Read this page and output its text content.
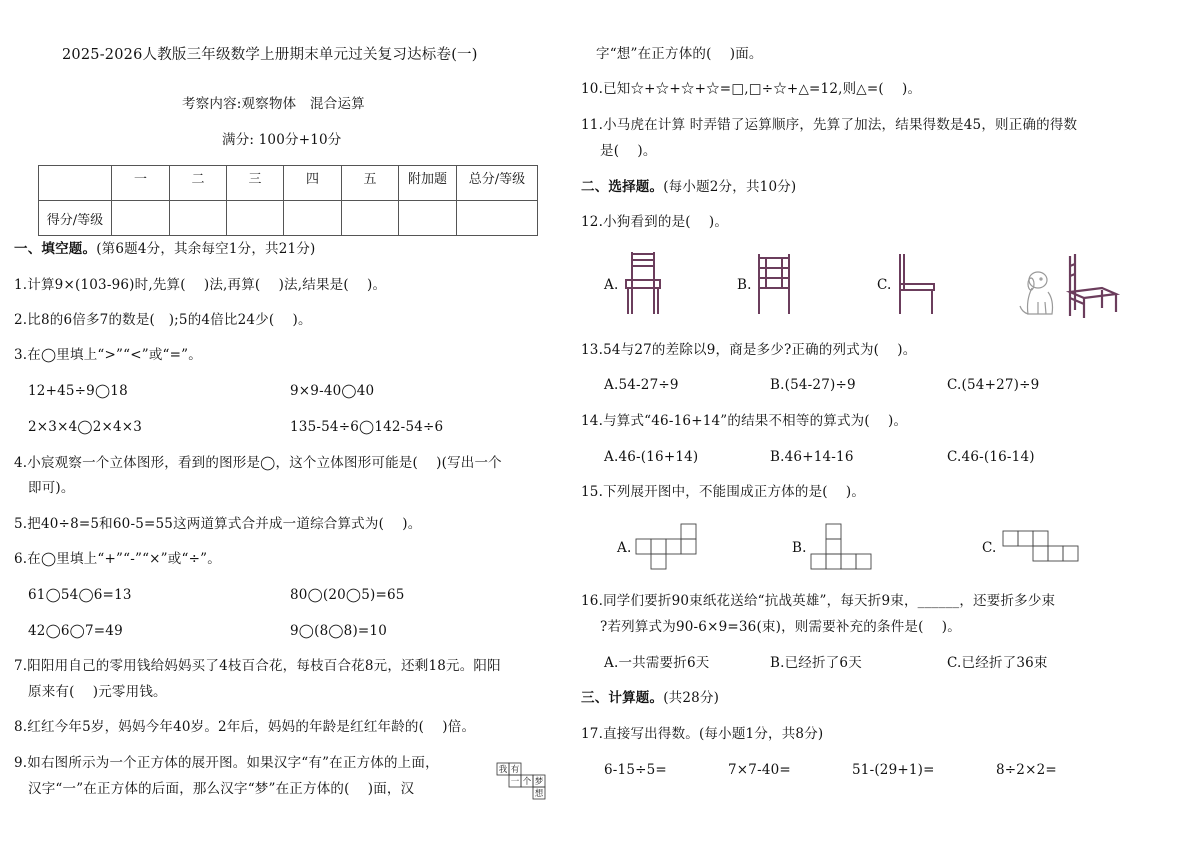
2025-2026人教版三年级数学上册期末单元过关复习达标卷(一)
考察内容:观察物体　混合运算
满分: 100分+10分
	一	二	三	四	五	附加题	总分/等级
得分/等级							
一、填空题。(第6题4分，其余每空1分，共21分)
1.计算9×(103-96)时,先算(　 )法,再算(　 )法,结果是(　 )。
2.比8的6倍多7的数是(　);5的4倍比24少(　 )。
3.在◯里填上“>”“<”或“=”。
12+45÷9◯18	9×9-40◯40
2×3×4◯2×4×3	135-54÷6◯142-54÷6
4.小宸观察一个立体图形，看到的图形是◯，这个立体图形可能是(　 )(写出一个
即可)。
5.把40÷8=5和60-5=55这两道算式合并成一道综合算式为(　 )。
6.在◯里填上“+”“-”“×”或“÷”。
61◯54◯6=13	80◯(20◯5)=65
42◯6◯7=49	9◯(8◯8)=10
7.阳阳用自己的零用钱给妈妈买了4枝百合花，每枝百合花8元，还剩18元。阳阳
原来有(　 )元零用钱。
8.红红今年5岁，妈妈今年40岁。2年后，妈妈的年龄是红红年龄的(　 )倍。
9.如右图所示为一个正方体的展开图。如果汉字“有”在正方体的上面，
汉字“一”在正方体的后面，那么汉字“梦”在正方体的(　 )面，汉
我 有
一 个 梦
想
字“想”在正方体的(　 )面。
10.已知☆+☆+☆+☆=□,□÷☆+△=12,则△=(　 )。
11.小马虎在计算 时弄错了运算顺序，先算了加法，结果得数是45，则正确的得数
是(　 )。
二、选择题。(每小题2分，共10分)
12.小狗看到的是(　 )。
A.	B.	C.
13.54与27的差除以9，商是多少?正确的列式为(　 )。
A.54-27÷9	B.(54-27)÷9	C.(54+27)÷9
14.与算式“46-16+14”的结果不相等的算式为(　 )。
A.46-(16+14)	B.46+14-16	C.46-(16-14)
15.下列展开图中，不能围成正方体的是(　 )。
A.	B.	C.
16.同学们要折90束纸花送给“抗战英雄”，每天折9束，______，还要折多少束
?若列算式为90-6×9=36(束)，则需要补充的条件是(　 )。
A.一共需要折6天	B.已经折了6天	C.已经折了36束
三、计算题。(共28分)
17.直接写出得数。(每小题1分，共8分)
6-15÷5=	7×7-40=	51-(29+1)=	8÷2×2=
